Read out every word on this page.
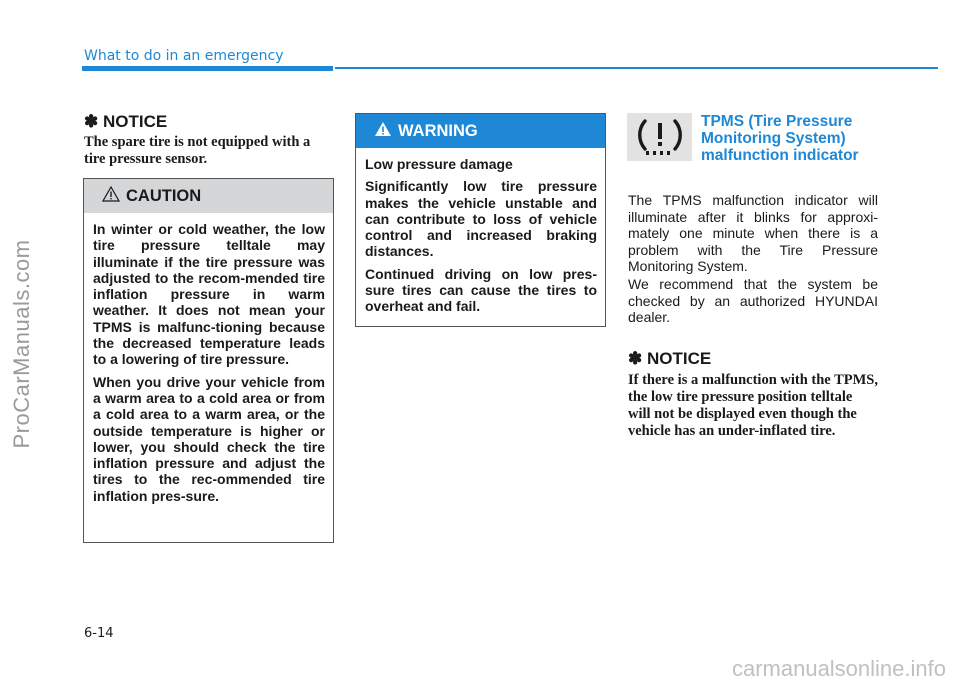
ProCarManuals.com
What to do in an emergency
✽ NOTICE
The spare tire is not equipped with a tire pressure sensor.
CAUTION

In winter or cold weather, the low tire pressure telltale may illuminate if the tire pressure was adjusted to the recom-mended tire inflation pressure in warm weather. It does not mean your TPMS is malfunc-tioning because the decreased temperature leads to a lowering of tire pressure.

When you drive your vehicle from a warm area to a cold area or from a cold area to a warm area, or the outside temperature is higher or lower, you should check the tire inflation pressure and adjust the tires to the rec-ommended tire inflation pres-sure.

WARNING

Low pressure damage

Significantly low tire pressure makes the vehicle unstable and can contribute to loss of vehicle control and increased braking distances.

Continued driving on low pres-sure tires can cause the tires to overheat and fail.

TPMS (Tire Pressure Monitoring System) malfunction indicator
The TPMS malfunction indicator will illuminate after it blinks for approxi-mately one minute when there is a problem with the Tire Pressure Monitoring System.
We recommend that the system be checked by an authorized HYUNDAI dealer.
✽ NOTICE
If there is a malfunction with the TPMS, the low tire pressure position telltale will not be displayed even though the vehicle has an under-inflated tire.
6-14
carmanualsonline.info
